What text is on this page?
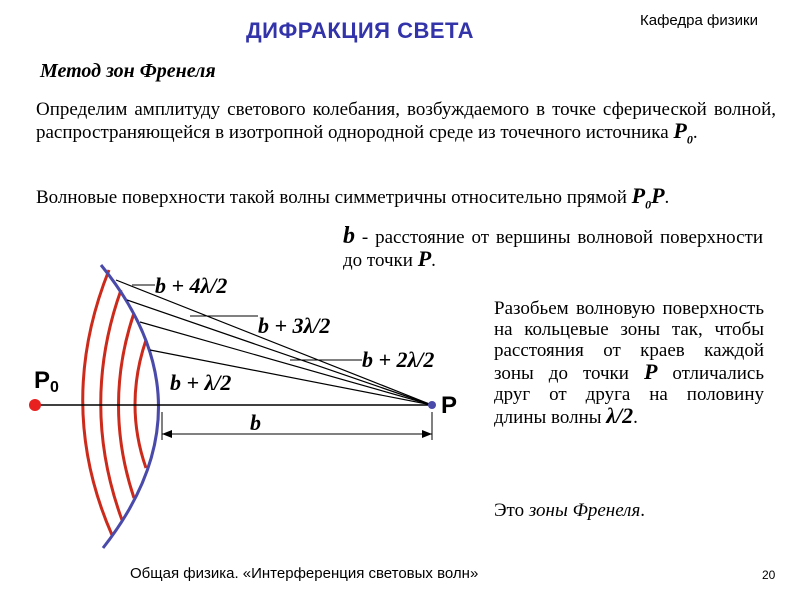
ДИФРАКЦИЯ СВЕТА	Кафедра физики
Метод зон Френеля
Определим амплитуду светового колебания, возбуждаемого в точке сферической волной, распространяющейся в изотропной однородной среде из точечного источника $P_0$.
Волновые поверхности такой волны симметричны относительно прямой $P_0P$.
b - расстояние от вершины волновой поверхности до точки P.
Разобьем волновую поверхность на кольцевые зоны так, чтобы расстояния от краев каждой зоны до точки P отличались друг от друга на половину длины волны λ/2.
Это зоны Френеля.
b + 4λ/2
b + 3λ/2
b + 2λ/2
b + λ/2
b
P0
P
Общая физика. «Интерференция световых волн»	20
